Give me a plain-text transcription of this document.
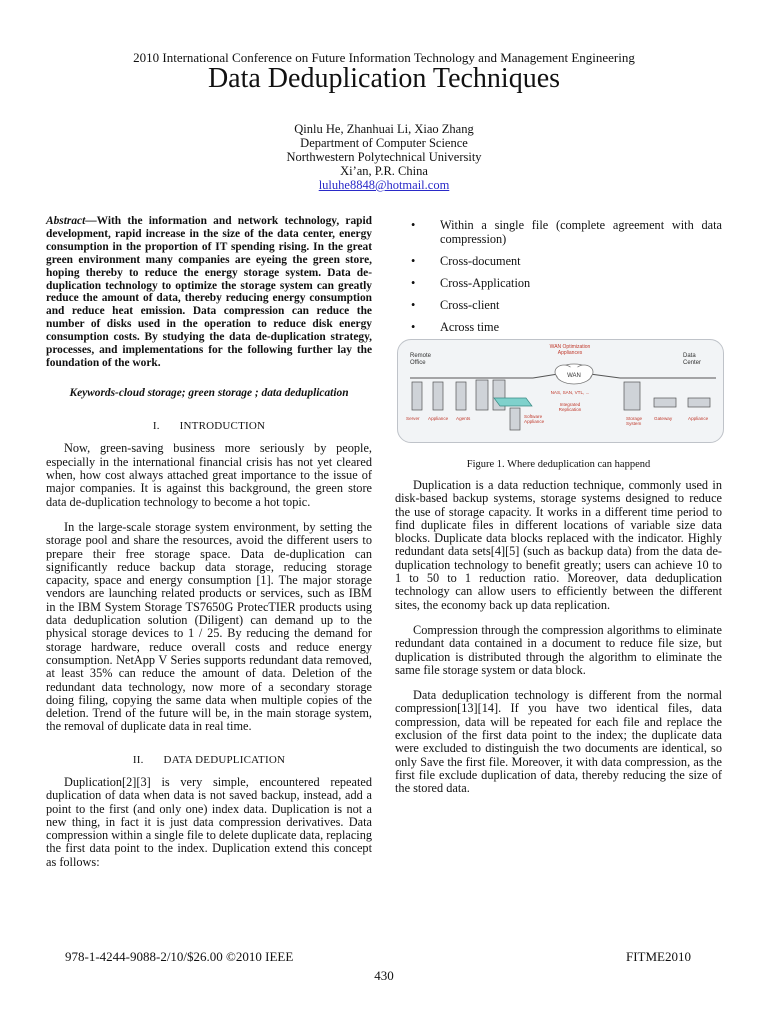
2010 International Conference on Future Information Technology and Management Engineering
Data Deduplication Techniques
Qinlu He, Zhanhuai Li, Xiao Zhang
Department of Computer Science
Northwestern Polytechnical University
Xi’an, P.R. China
luluhe8848@hotmail.com

Abstract—With the information and network technology, rapid development, rapid increase in the size of the data center, energy consumption in the proportion of IT spending rising. In the great green environment many companies are eyeing the green store, hoping thereby to reduce the energy storage system. Data de-duplication technology to optimize the storage system can greatly reduce the amount of data, thereby reducing energy consumption and reduce heat emission. Data compression can reduce the number of disks used in the operation to reduce disk energy consumption costs. By studying the data de-duplication strategy, processes, and implementations for the following further lay the foundation of the work.

Keywords-cloud storage; green storage ; data deduplication

I. INTRODUCTION

Now, green-saving business more seriously by people, especially in the international financial crisis has not yet cleared when, how cost always attached great importance to the issue of major companies. It is against this background, the green store data de-duplication technology to become a hot topic.

In the large-scale storage system environment, by setting the storage pool and share the resources, avoid the different users to prepare their free storage space. Data de-duplication can significantly reduce backup data storage, reducing storage capacity, space and energy consumption [1]. The major storage vendors are launching related products or services, such as IBM in the IBM System Storage TS7650G ProtecTIER products using data deduplication solution (Diligent) can demand up to the physical storage devices to 1 / 25. By reducing the demand for storage hardware, reduce overall costs and reduce energy consumption. NetApp V Series supports redundant data removed, at least 35% can reduce the amount of data. Deletion of the redundant data technology, now more of a secondary storage doing filing, copying the same data when multiple copies of the deletion. Trend of the future will be, in the main storage system, the removal of duplicate data in real time.

II. DATA DEDUPLICATION

Duplication[2][3] is very simple, encountered repeated duplication of data when data is not saved backup, instead, add a point to the first (and only one) index data. Duplication is not a new thing, in fact it is just data compression derivatives. Data compression within a single file to delete duplicate data, replacing the first data point to the index. Duplication extend this concept as follows:

• Within a single file (complete agreement with data compression)
• Cross-document
• Cross-Application
• Cross-client
• Across time
Remote Office
Data Center
WAN Optimization Appliances
WAN
NAS, SAN, VTL, ...
Integrated Replication
Server Appliance Agents	Software Appliance
Storage System
Gateway	Appliance
Figure 1. Where deduplication can happend

Duplication is a data reduction technique, commonly used in disk-based backup systems, storage systems designed to reduce the use of storage capacity. It works in a different time period to find duplicate files in different locations of variable size data blocks. Duplicate data blocks replaced with the indicator. Highly redundant data sets[4][5] (such as backup data) from the data de-duplication technology to benefit greatly; users can achieve 10 to 1 to 50 to 1 reduction ratio. Moreover, data deduplication technology can allow users to efficiently between the different sites, the economy back up data replication.

Compression through the compression algorithms to eliminate redundant data contained in a document to reduce file size, but duplication is distributed through the algorithm to eliminate the same file storage system or data block.

Data deduplication technology is different from the normal compression[13][14]. If you have two identical files, data compression, data will be repeated for each file and replace the exclusion of the first data point to the index; the duplicate data were excluded to distinguish the two documents are identical, so only Save the first file. Moreover, it with data compression, as the first file exclude duplication of data, thereby reducing the size of the stored data.

978-1-4244-9088-2/10/$26.00 ©2010 IEEE	FITME2010
430
